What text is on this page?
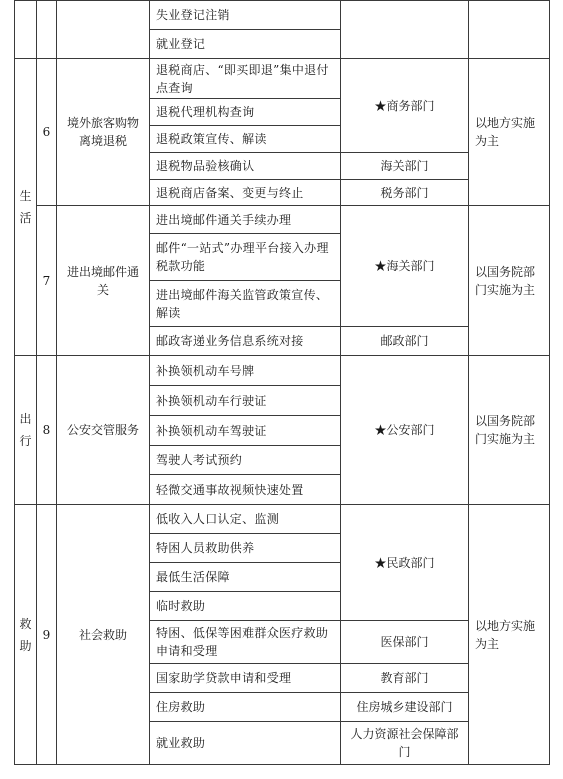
			失业登记注销		
			就业登记		
生活	6	境外旅客购物离境退税	退税商店、“即买即退”集中退付点查询	★商务部门	以地方实施为主
			退税代理机构查询		
			退税政策宣传、解读		
			退税物品验核确认	海关部门	
			退税商店备案、变更与终止	税务部门	
	7	进出境邮件通关	进出境邮件通关手续办理	★海关部门	以国务院部门实施为主
			邮件“一站式”办理平台接入办理税款功能		
			进出境邮件海关监管政策宣传、解读		
			邮政寄递业务信息系统对接	邮政部门	
出行	8	公安交管服务	补换领机动车号牌	★公安部门	以国务院部门实施为主
			补换领机动车行驶证		
			补换领机动车驾驶证		
			驾驶人考试预约		
			轻微交通事故视频快速处置		
救助	9	社会救助	低收入人口认定、监测	★民政部门	以地方实施为主
			特困人员救助供养		
			最低生活保障		
			临时救助		
			特困、低保等困难群众医疗救助申请和受理	医保部门	
			国家助学贷款申请和受理	教育部门	
			住房救助	住房城乡建设部门	
			就业救助	人力资源社会保障部门	
